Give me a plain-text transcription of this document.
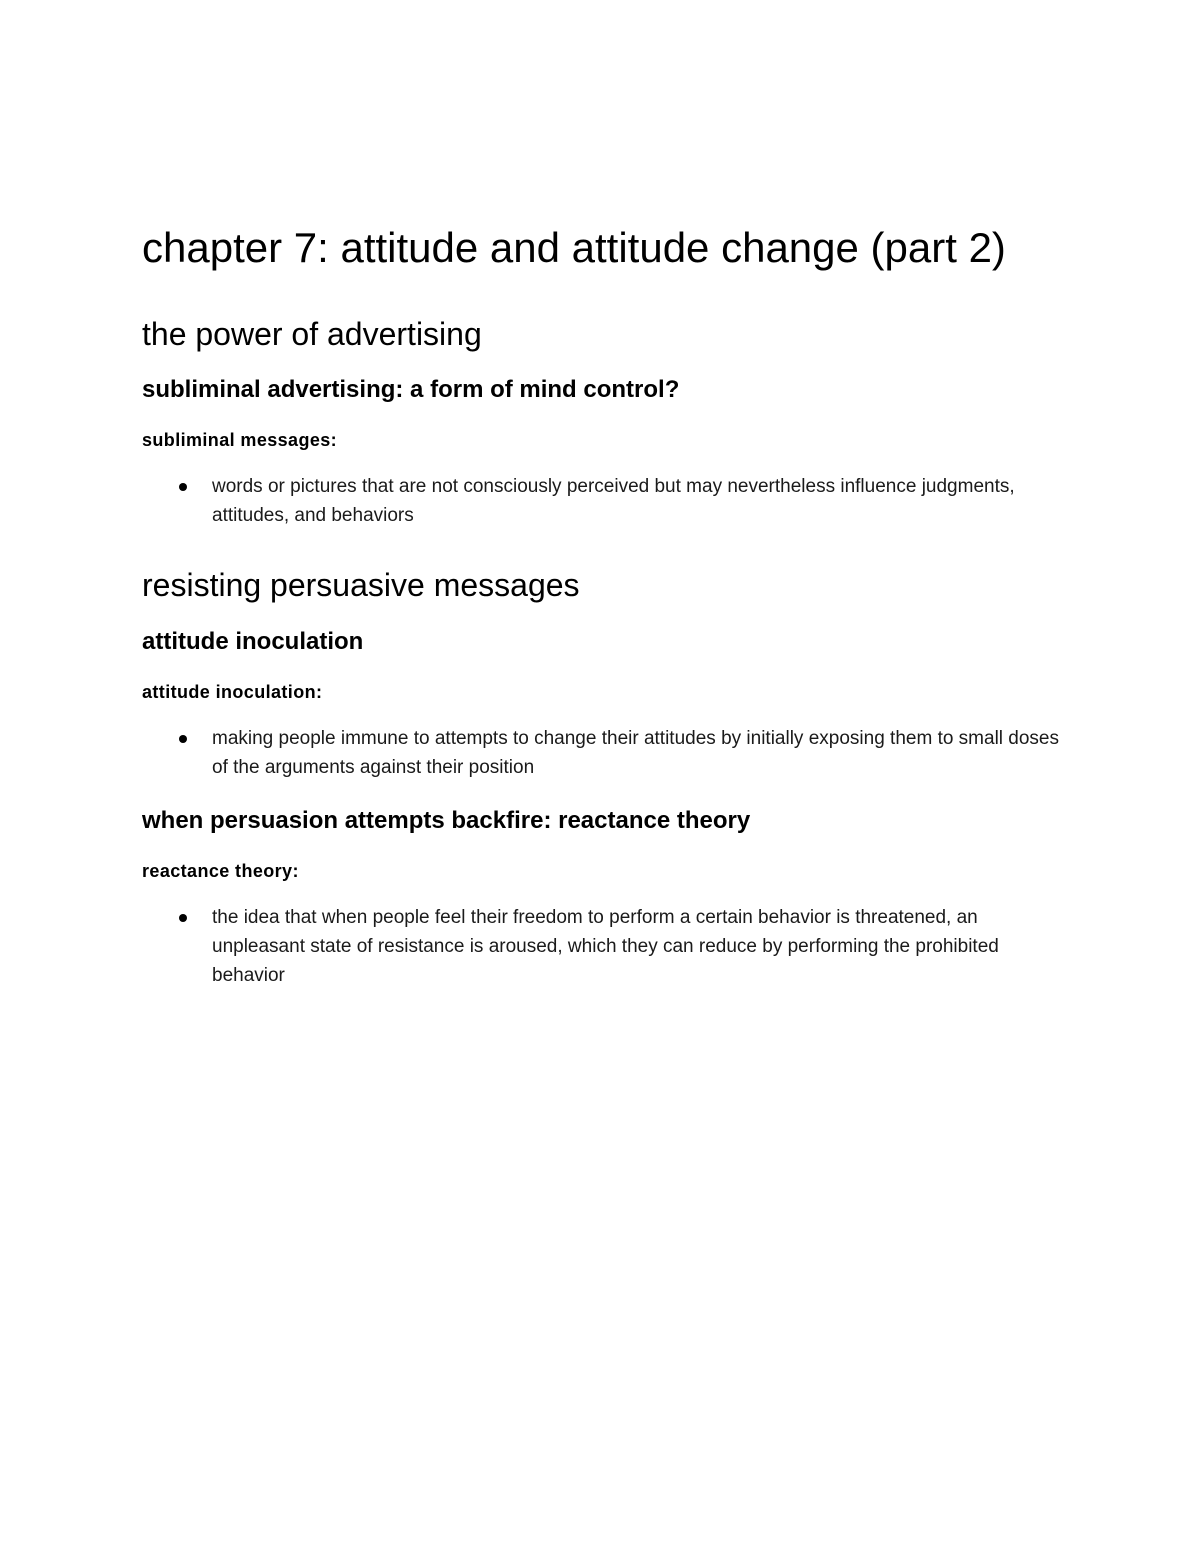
chapter 7: attitude and attitude change (part 2)
the power of advertising
subliminal advertising: a form of mind control?
subliminal messages:
words or pictures that are not consciously perceived but may nevertheless influence judgments, attitudes, and behaviors
resisting persuasive messages
attitude inoculation
attitude inoculation:
making people immune to attempts to change their attitudes by initially exposing them to small doses of the arguments against their position
when persuasion attempts backfire: reactance theory
reactance theory:
the idea that when people feel their freedom to perform a certain behavior is threatened, an unpleasant state of resistance is aroused, which they can reduce by performing the prohibited behavior
